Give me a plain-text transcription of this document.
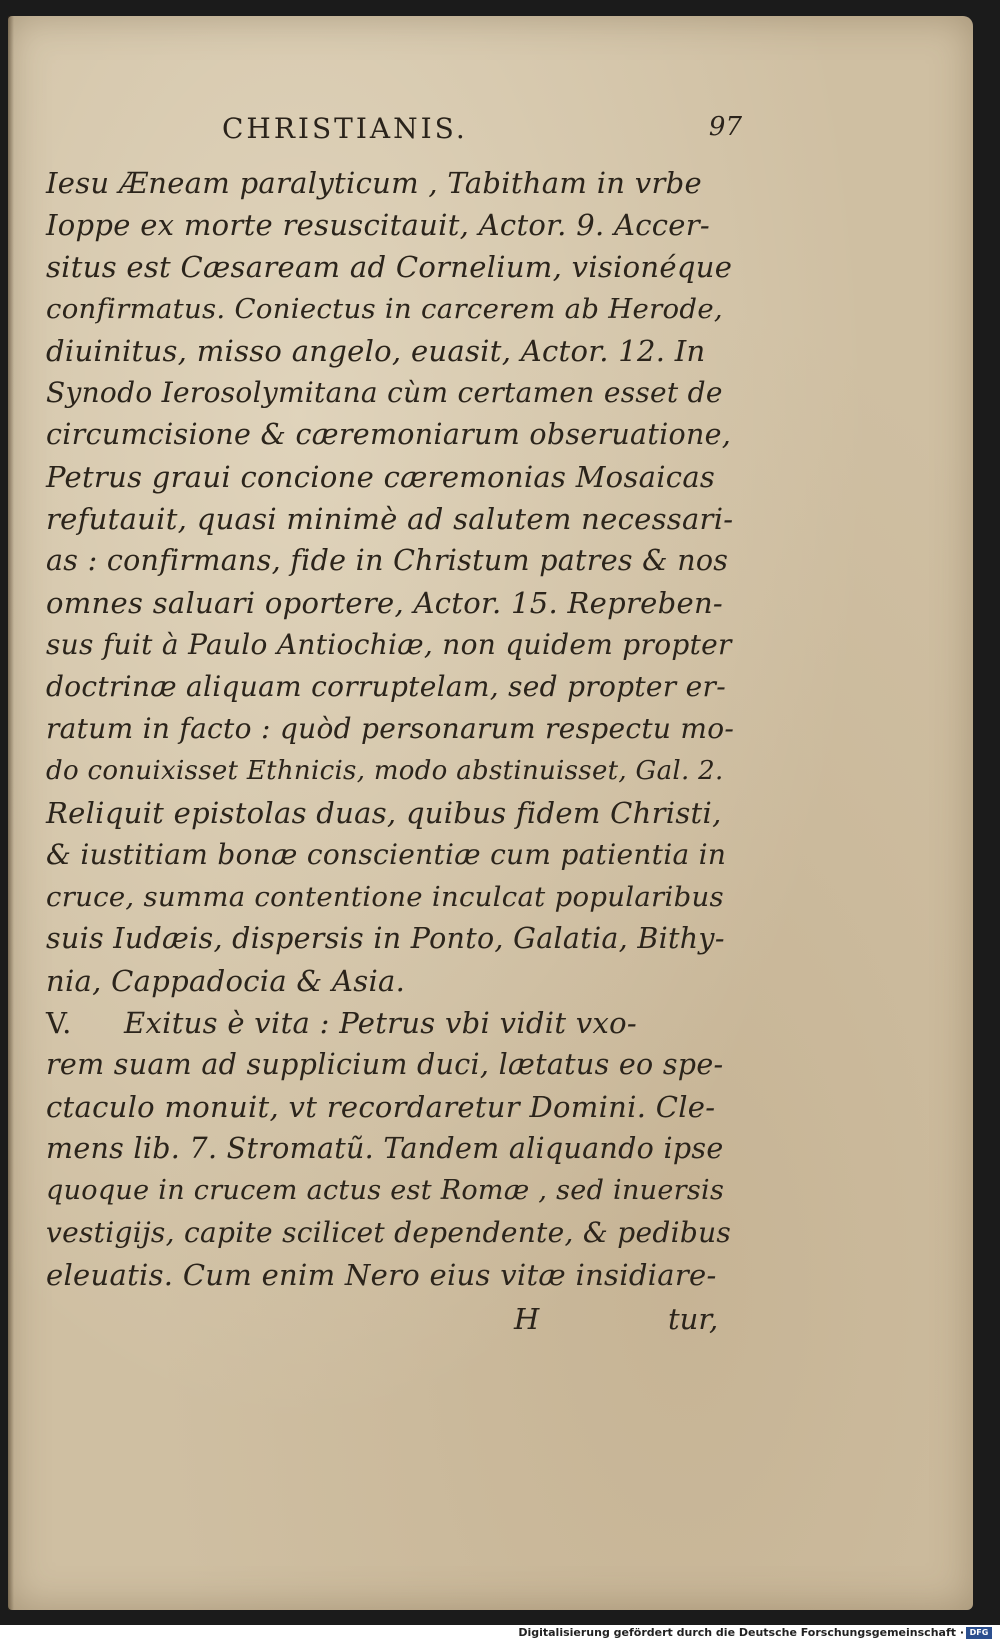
CHRISTIANIS.	97
Iesu Æneam paralyticum , Tabitham in vrbe
Ioppe ex morte resuscitauit, Actor. 9. Accer-
situs est Cæsaream ad Cornelium, visionéque
confirmatus. Coniectus in carcerem ab Herode,
diuinitus, misso angelo, euasit, Actor. 12. In
Synodo Ierosolymitana cùm certamen esset de
circumcisione & cæremoniarum obseruatione,
Petrus graui concione cæremonias Mosaicas
refutauit, quasi minimè ad salutem necessari-
as : confirmans, fide in Christum patres & nos
omnes saluari oportere, Actor. 15. Repreben-
sus fuit à Paulo Antiochiæ, non quidem propter
doctrinæ aliquam corruptelam, sed propter er-
ratum in facto : quòd personarum respectu mo-
do conuixisset Ethnicis, modo abstinuisset, Gal. 2.
Reliquit epistolas duas, quibus fidem Christi,
& iustitiam bonæ conscientiæ cum patientia in
cruce, summa contentione inculcat popularibus
suis Iudæis, dispersis in Ponto, Galatia, Bithy-
nia, Cappadocia & Asia.
V. Exitus è vita : Petrus vbi vidit vxo-
rem suam ad supplicium duci, lætatus eo spe-
ctaculo monuit, vt recordaretur Domini. Cle-
mens lib. 7. Stromatũ. Tandem aliquando ipse
quoque in crucem actus est Romæ , sed inuersis
vestigijs, capite scilicet dependente, & pedibus
eleuatis. Cum enim Nero eius vitæ insidiare-
H	tur,
Digitalisierung gefördert durch die Deutsche Forschungsgemeinschaft · DFG
